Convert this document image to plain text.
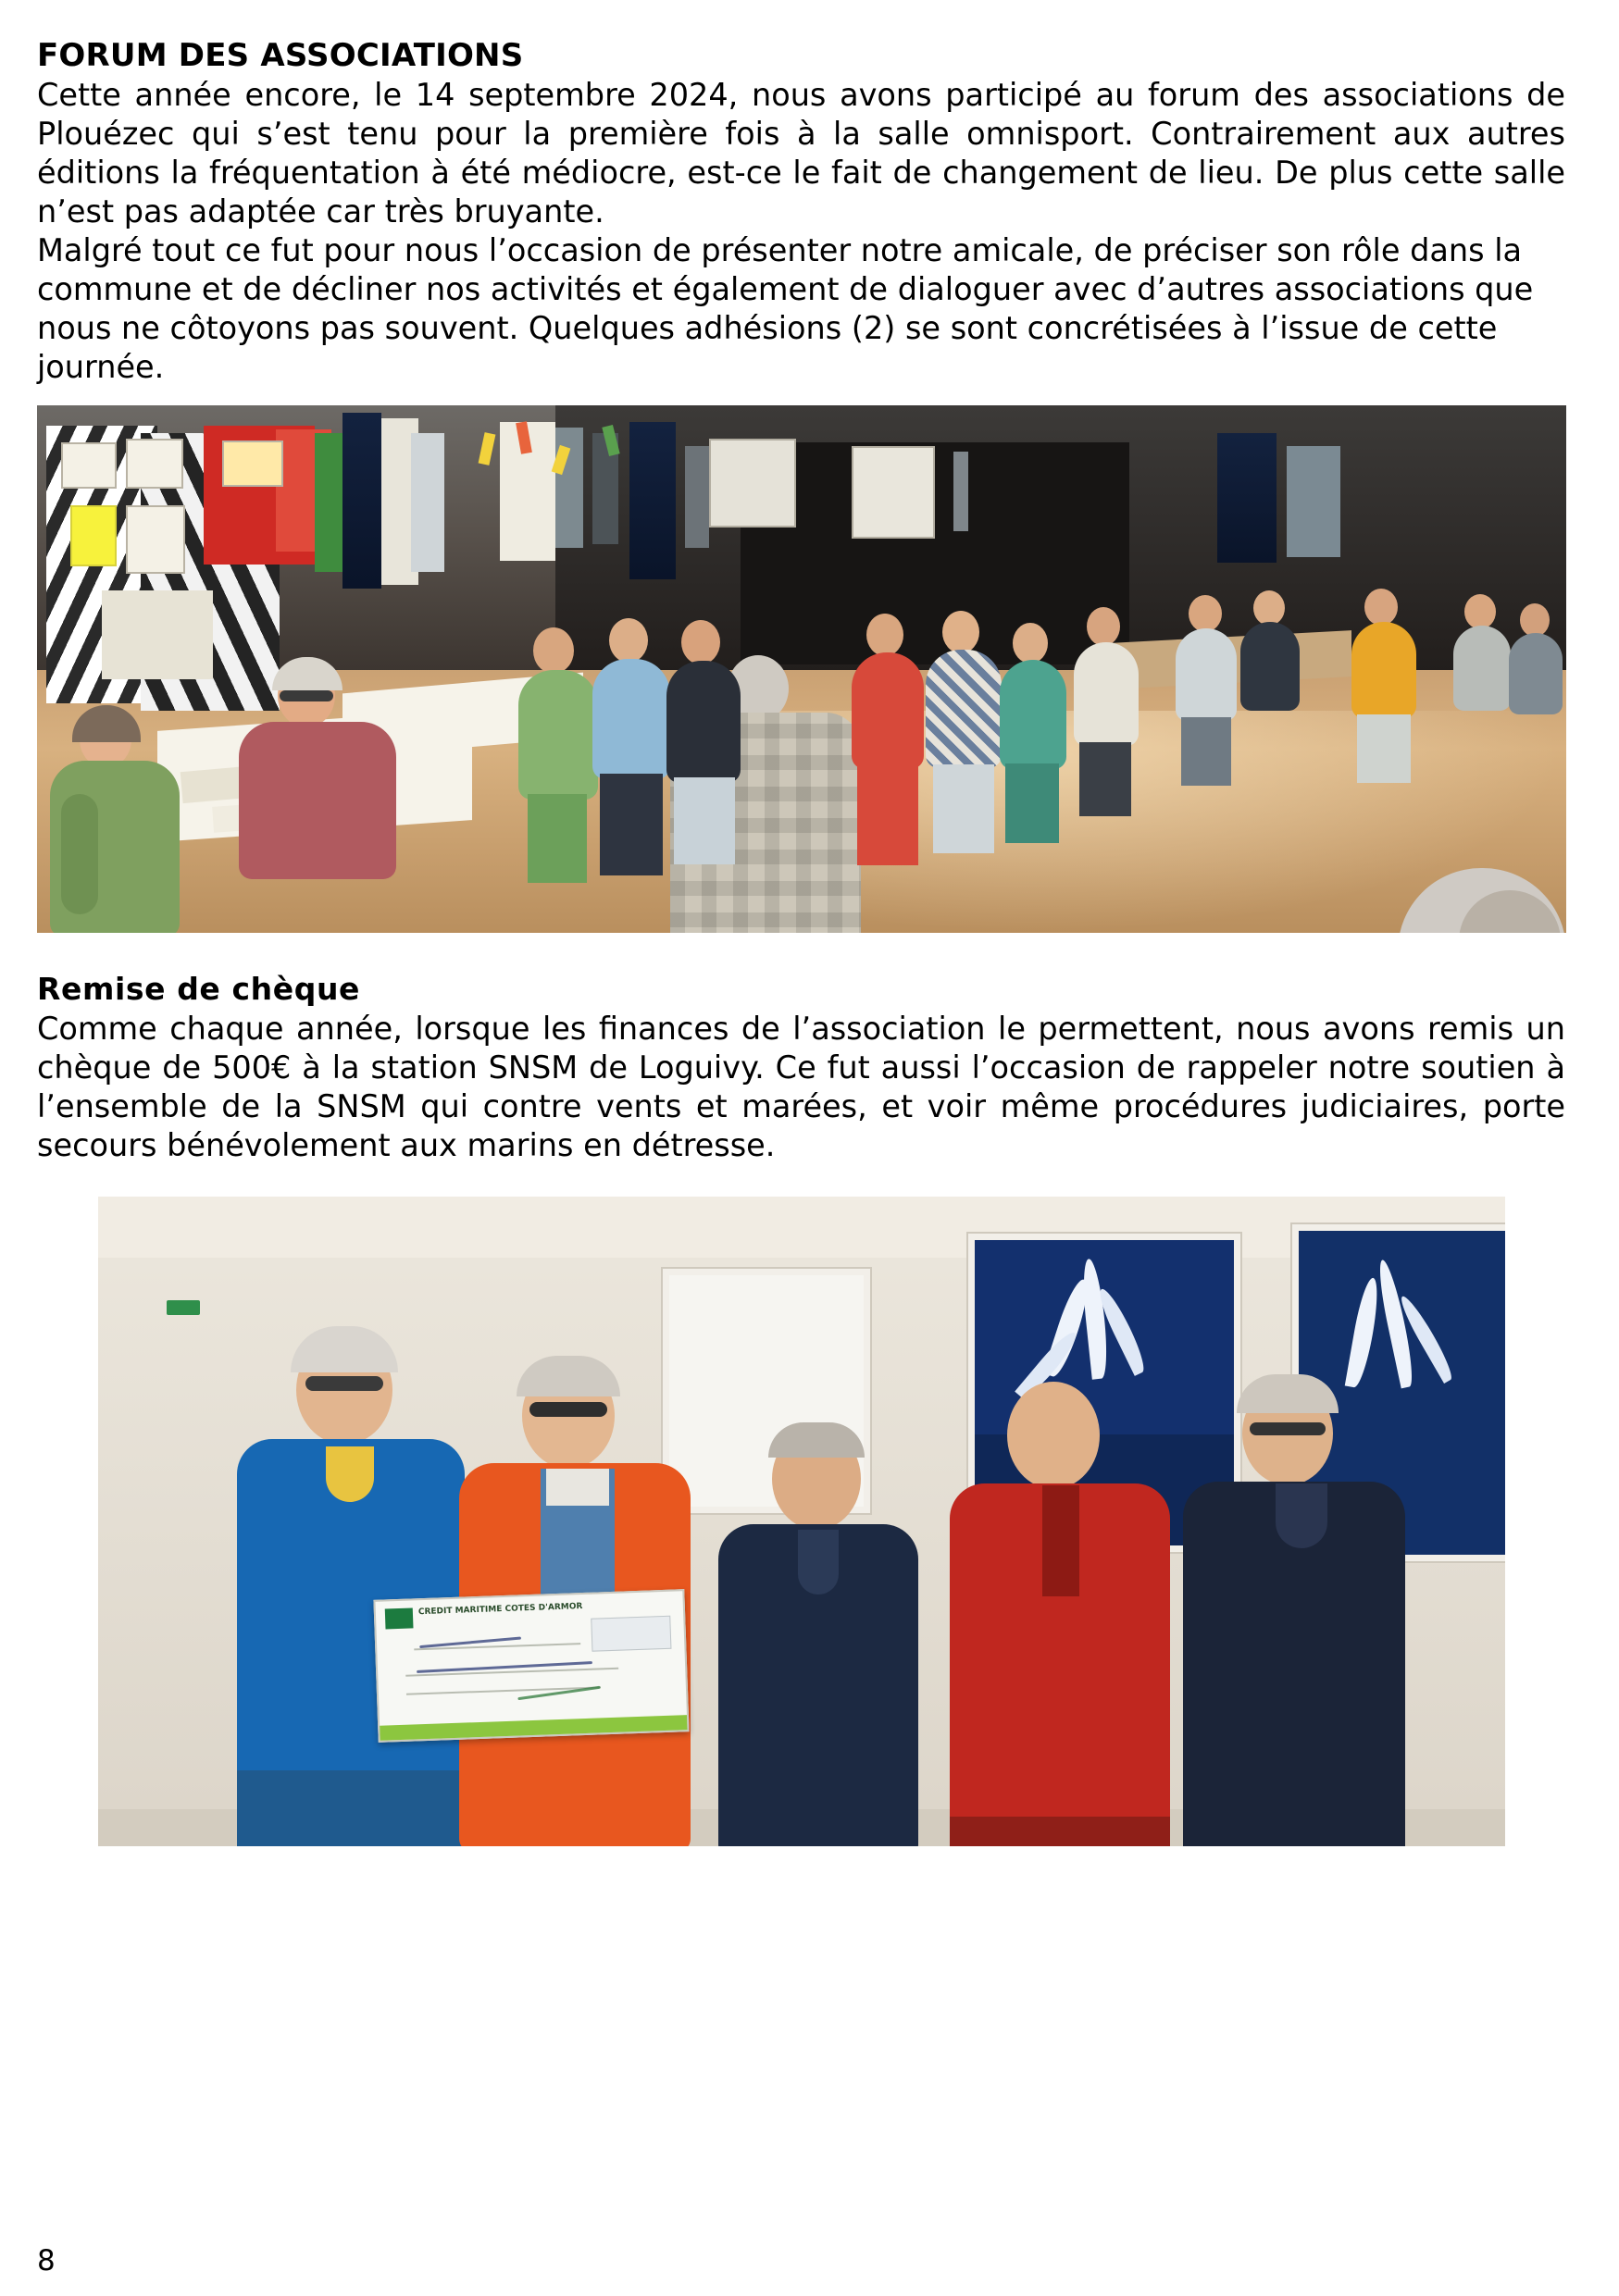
FORUM DES ASSOCIATIONS

Cette année encore, le 14 septembre 2024, nous avons participé au forum des associations de Plouézec qui s’est tenu pour la première fois à la salle omnisport. Contrairement aux autres éditions la fréquentation à été médiocre, est-ce le fait de changement de lieu. De plus cette salle n’est pas adaptée car très bruyante.

Malgré tout ce fut pour nous l’occasion de présenter notre amicale, de préciser son rôle dans la commune et de décliner nos activités et également de dialoguer avec d’autres associations que nous ne côtoyons pas souvent. Quelques adhésions (2) se sont concrétisées à l’issue de cette journée.

Remise de chèque

Comme chaque année, lorsque les finances de l’association le permettent, nous avons remis un chèque de 500€ à la station SNSM de Loguivy. Ce fut aussi l’occasion de rappeler notre soutien à l’ensemble de la SNSM qui contre vents et marées, et voir même procédures judiciaires, porte secours bénévolement aux marins en détresse.

CREDIT MARITIME COTES D'ARMOR
8
